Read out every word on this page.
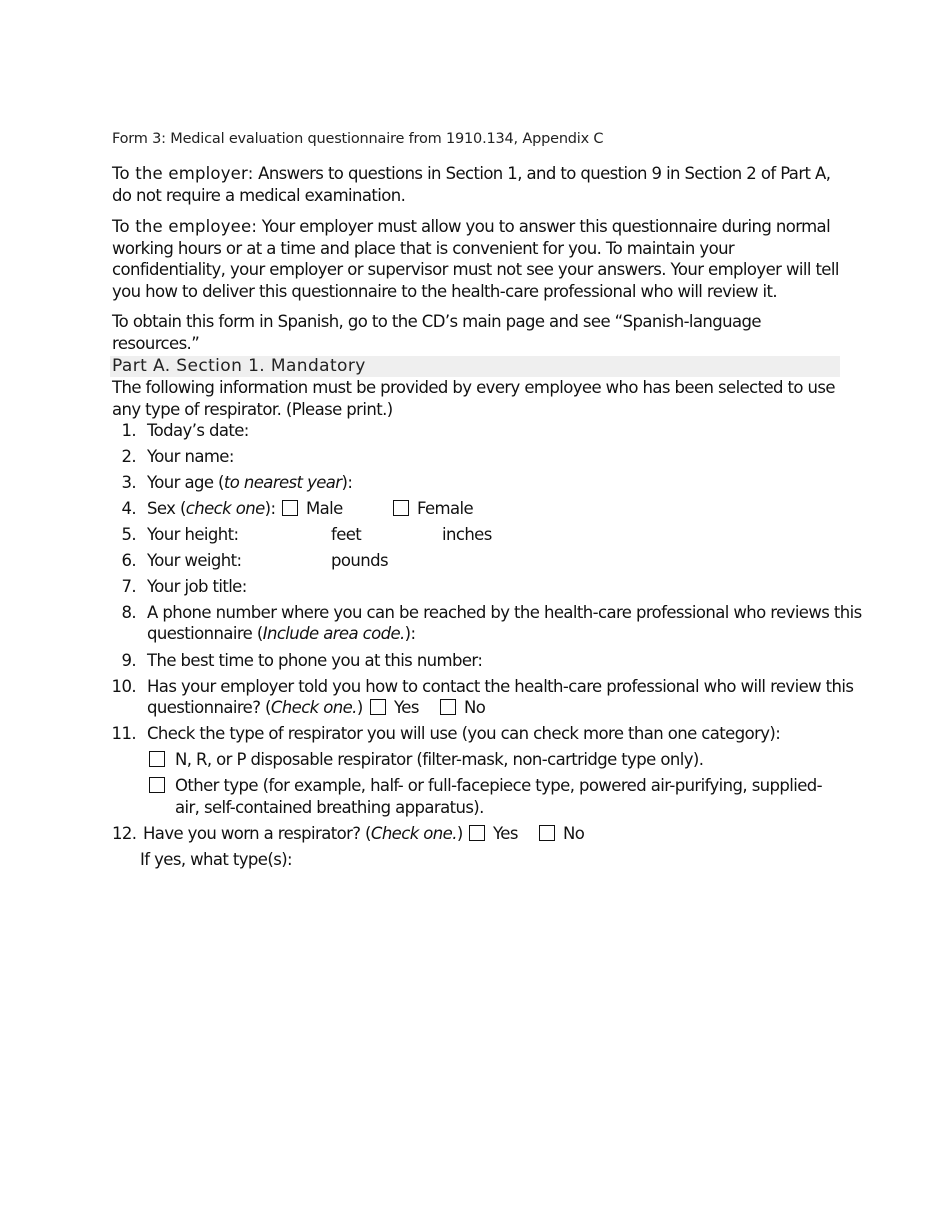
Form 3: Medical evaluation questionnaire from 1910.134, Appendix C

To the employer: Answers to questions in Section 1, and to question 9 in Section 2 of Part A, do not require a medical examination.

To the employee: Your employer must allow you to answer this questionnaire during normal working hours or at a time and place that is convenient for you. To maintain your confidentiality, your employer or supervisor must not see your answers. Your employer will tell you how to deliver this questionnaire to the health-care professional who will review it.

To obtain this form in Spanish, go to the CD’s main page and see “Spanish-language resources.”

Part A. Section 1. Mandatory

The following information must be provided by every employee who has been selected to use any type of respirator. (Please print.)

1. Today’s date:
2. Your name:
3. Your age (to nearest year):
4. Sex (check one): Male	Female
5. Your height:	feet	inches
6. Your weight:	pounds
7. Your job title:
8. A phone number where you can be reached by the health-care professional who reviews this
questionnaire (Include area code.):
9. The best time to phone you at this number:
10. Has your employer told you how to contact the health-care professional who will review this
questionnaire? (Check one.) Yes	No
11. Check the type of respirator you will use (you can check more than one category):
N, R, or P disposable respirator (filter-mask, non-cartridge type only).
Other type (for example, half- or full-facepiece type, powered air-purifying, supplied-
air, self-contained breathing apparatus).
12. Have you worn a respirator? (Check one.) Yes	No
If yes, what type(s):
